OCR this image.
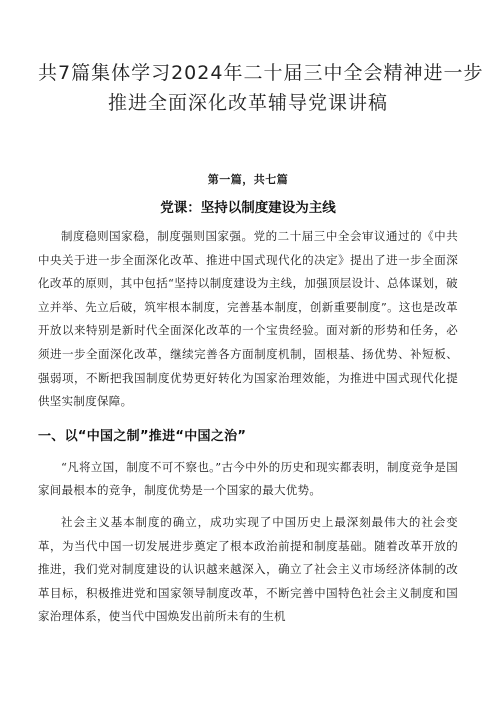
共7篇集体学习2024年二十届三中全会精神进一步
推进全面深化改革辅导党课讲稿
第一篇，共七篇
党课：坚持以制度建设为主线

制度稳则国家稳，制度强则国家强。党的二十届三中全会审议通过的《中共中央关于进一步全面深化改革、推进中国式现代化的决定》提出了进一步全面深化改革的原则，其中包括“坚持以制度建设为主线，加强顶层设计、总体谋划，破立并举、先立后破，筑牢根本制度，完善基本制度，创新重要制度”。这也是改革开放以来特别是新时代全面深化改革的一个宝贵经验。面对新的形势和任务，必须进一步全面深化改革，继续完善各方面制度机制，固根基、扬优势、补短板、强弱项，不断把我国制度优势更好转化为国家治理效能，为推进中国式现代化提供坚实制度保障。

一、以“中国之制”推进“中国之治”

“凡将立国，制度不可不察也。”古今中外的历史和现实都表明，制度竞争是国家间最根本的竞争，制度优势是一个国家的最大优势。

社会主义基本制度的确立，成功实现了中国历史上最深刻最伟大的社会变革，为当代中国一切发展进步奠定了根本政治前提和制度基础。随着改革开放的推进，我们党对制度建设的认识越来越深入，确立了社会主义市场经济体制的改革目标，积极推进党和国家领导制度改革，不断完善中国特色社会主义制度和国家治理体系，使当代中国焕发出前所未有的生机
